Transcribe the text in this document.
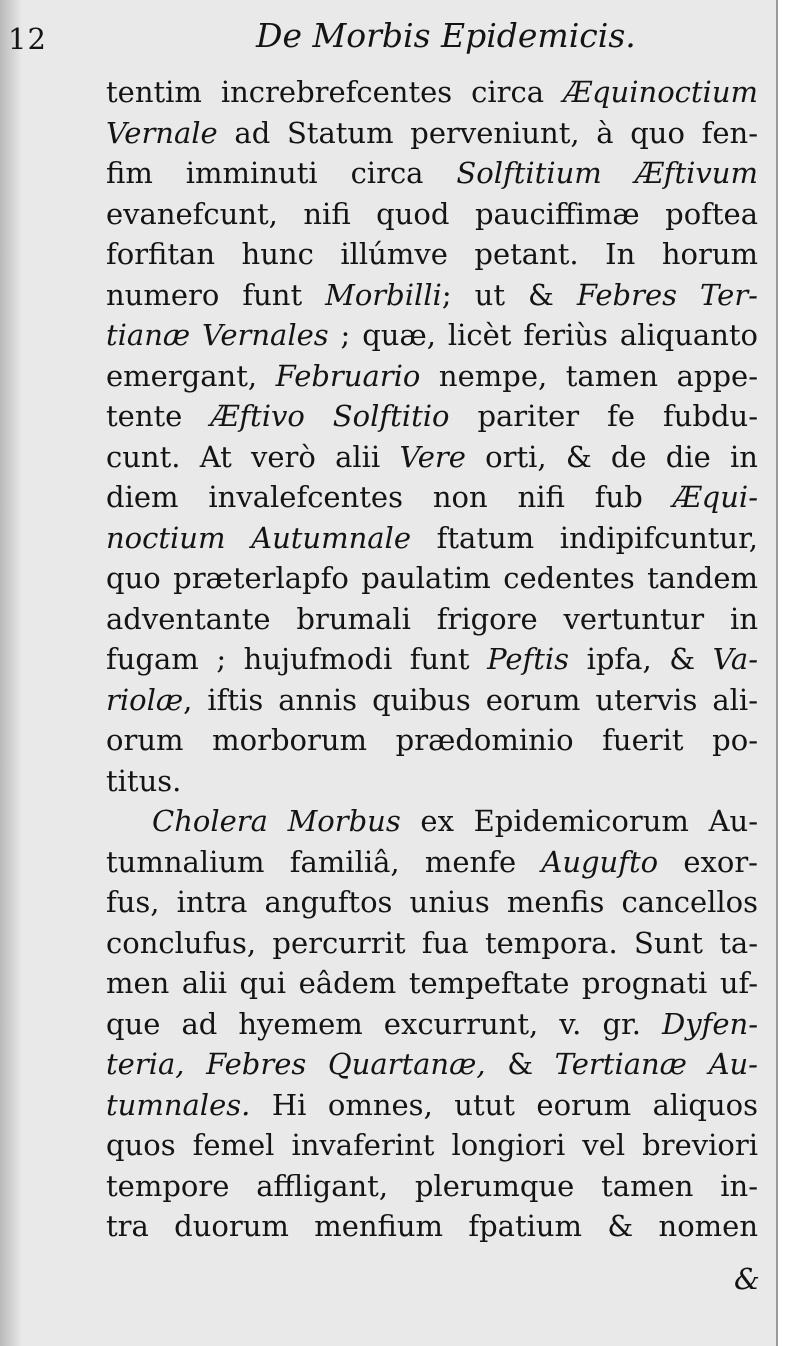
12	De Morbis Epidemicis.
tentim increbrefcentes circa Æquinoctium
Vernale ad Statum perveniunt, à quo fen-
fim imminuti circa Solftitium Æftivum
evanefcunt, nifi quod pauciffimæ poftea
forfitan hunc illúmve petant. In horum
numero funt Morbilli; ut & Febres Ter-
tianæ Vernales ; quæ, licèt feriùs aliquanto
emergant, Februario nempe, tamen appe-
tente Æftivo Solftitio pariter fe fubdu-
cunt. At verò alii Vere orti, & de die in
diem invalefcentes non nifi fub Æqui-
noctium Autumnale ftatum indipifcuntur,
quo præterlapfo paulatim cedentes tandem
adventante brumali frigore vertuntur in
fugam ; hujufmodi funt Peftis ipfa, & Va-
riolæ, iftis annis quibus eorum utervis ali-
orum morborum prædominio fuerit po-
titus.
Cholera Morbus ex Epidemicorum Au-
tumnalium familiâ, menfe Augufto exor-
fus, intra anguftos unius menfis cancellos
conclufus, percurrit fua tempora. Sunt ta-
men alii qui eâdem tempeftate prognati uf-
que ad hyemem excurrunt, v. gr. Dyfen-
teria, Febres Quartanæ, & Tertianæ Au-
tumnales. Hi omnes, utut eorum aliquos
quos femel invaferint longiori vel breviori
tempore affligant, plerumque tamen in-
tra duorum menfium fpatium & nomen
&
